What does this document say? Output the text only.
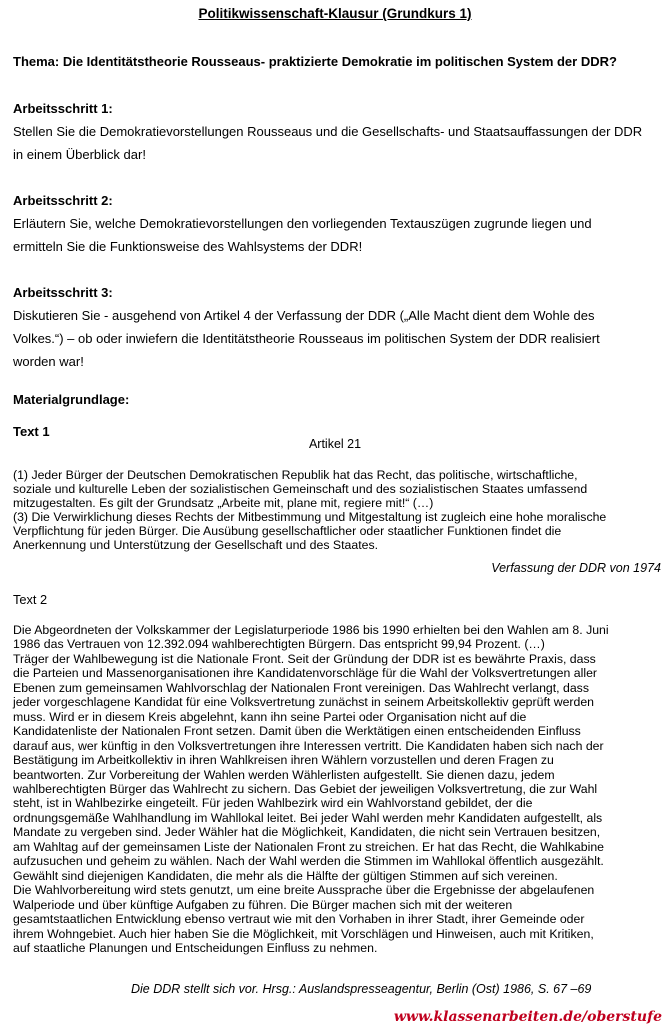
Politikwissenschaft-Klausur (Grundkurs 1)
Thema: Die Identitätstheorie Rousseaus- praktizierte Demokratie im politischen System der DDR?
Arbeitsschritt 1:
Stellen Sie die Demokratievorstellungen Rousseaus und die Gesellschafts- und Staatsauffassungen der DDR
in einem Überblick dar!
Arbeitsschritt 2:
Erläutern Sie, welche Demokratievorstellungen den vorliegenden Textauszügen zugrunde liegen und
ermitteln Sie die Funktionsweise des Wahlsystems der DDR!
Arbeitsschritt 3:
Diskutieren Sie - ausgehend von Artikel 4 der Verfassung der DDR („Alle Macht dient dem Wohle des
Volkes.“) – ob oder inwiefern die Identitätstheorie Rousseaus im politischen System der DDR realisiert
worden war!
Materialgrundlage:
Text 1
Artikel 21

(1) Jeder Bürger der Deutschen Demokratischen Republik hat das Recht, das politische, wirtschaftliche,

soziale und kulturelle Leben der sozialistischen Gemeinschaft und des sozialistischen Staates umfassend

mitzugestalten. Es gilt der Grundsatz „Arbeite mit, plane mit, regiere mit!“ (…)

(3) Die Verwirklichung dieses Rechts der Mitbestimmung und Mitgestaltung ist zugleich eine hohe moralische

Verpflichtung für jeden Bürger. Die Ausübung gesellschaftlicher oder staatlicher Funktionen findet die

Anerkennung und Unterstützung der Gesellschaft und des Staates.

Verfassung der DDR von 1974
Text 2

Die Abgeordneten der Volkskammer der Legislaturperiode 1986 bis 1990 erhielten bei den Wahlen am 8. Juni

1986 das Vertrauen von 12.392.094 wahlberechtigten Bürgern. Das entspricht 99,94 Prozent. (…)

Träger der Wahlbewegung ist die Nationale Front. Seit der Gründung der DDR ist es bewährte Praxis, dass

die Parteien und Massenorganisationen ihre Kandidatenvorschläge für die Wahl der Volksvertretungen aller

Ebenen zum gemeinsamen Wahlvorschlag der Nationalen Front vereinigen. Das Wahlrecht verlangt, dass

jeder vorgeschlagene Kandidat für eine Volksvertretung zunächst in seinem Arbeitskollektiv geprüft werden

muss. Wird er in diesem Kreis abgelehnt, kann ihn seine Partei oder Organisation nicht auf die

Kandidatenliste der Nationalen Front setzen. Damit üben die Werktätigen einen entscheidenden Einfluss

darauf aus, wer künftig in den Volksvertretungen ihre Interessen vertritt. Die Kandidaten haben sich nach der

Bestätigung im Arbeitkollektiv in ihren Wahlkreisen ihren Wählern vorzustellen und deren Fragen zu

beantworten. Zur Vorbereitung der Wahlen werden Wählerlisten aufgestellt. Sie dienen dazu, jedem

wahlberechtigten Bürger das Wahlrecht zu sichern. Das Gebiet der jeweiligen Volksvertretung, die zur Wahl

steht, ist in Wahlbezirke eingeteilt. Für jeden Wahlbezirk wird ein Wahlvorstand gebildet, der die

ordnungsgemäße Wahlhandlung im Wahllokal leitet. Bei jeder Wahl werden mehr Kandidaten aufgestellt, als

Mandate zu vergeben sind. Jeder Wähler hat die Möglichkeit, Kandidaten, die nicht sein Vertrauen besitzen,

am Wahltag auf der gemeinsamen Liste der Nationalen Front zu streichen. Er hat das Recht, die Wahlkabine

aufzusuchen und geheim zu wählen. Nach der Wahl werden die Stimmen im Wahllokal öffentlich ausgezählt.

Gewählt sind diejenigen Kandidaten, die mehr als die Hälfte der gültigen Stimmen auf sich vereinen.

Die Wahlvorbereitung wird stets genutzt, um eine breite Aussprache über die Ergebnisse der abgelaufenen

Walperiode und über künftige Aufgaben zu führen. Die Bürger machen sich mit der weiteren

gesamtstaatlichen Entwicklung ebenso vertraut wie mit den Vorhaben in ihrer Stadt, ihrer Gemeinde oder

ihrem Wohngebiet. Auch hier haben Sie die Möglichkeit, mit Vorschlägen und Hinweisen, auch mit Kritiken,

auf staatliche Planungen und Entscheidungen Einfluss zu nehmen.

Die DDR stellt sich vor. Hrsg.: Auslandspresseagentur, Berlin (Ost) 1986, S. 67 –69
www.klassenarbeiten.de/oberstufe
